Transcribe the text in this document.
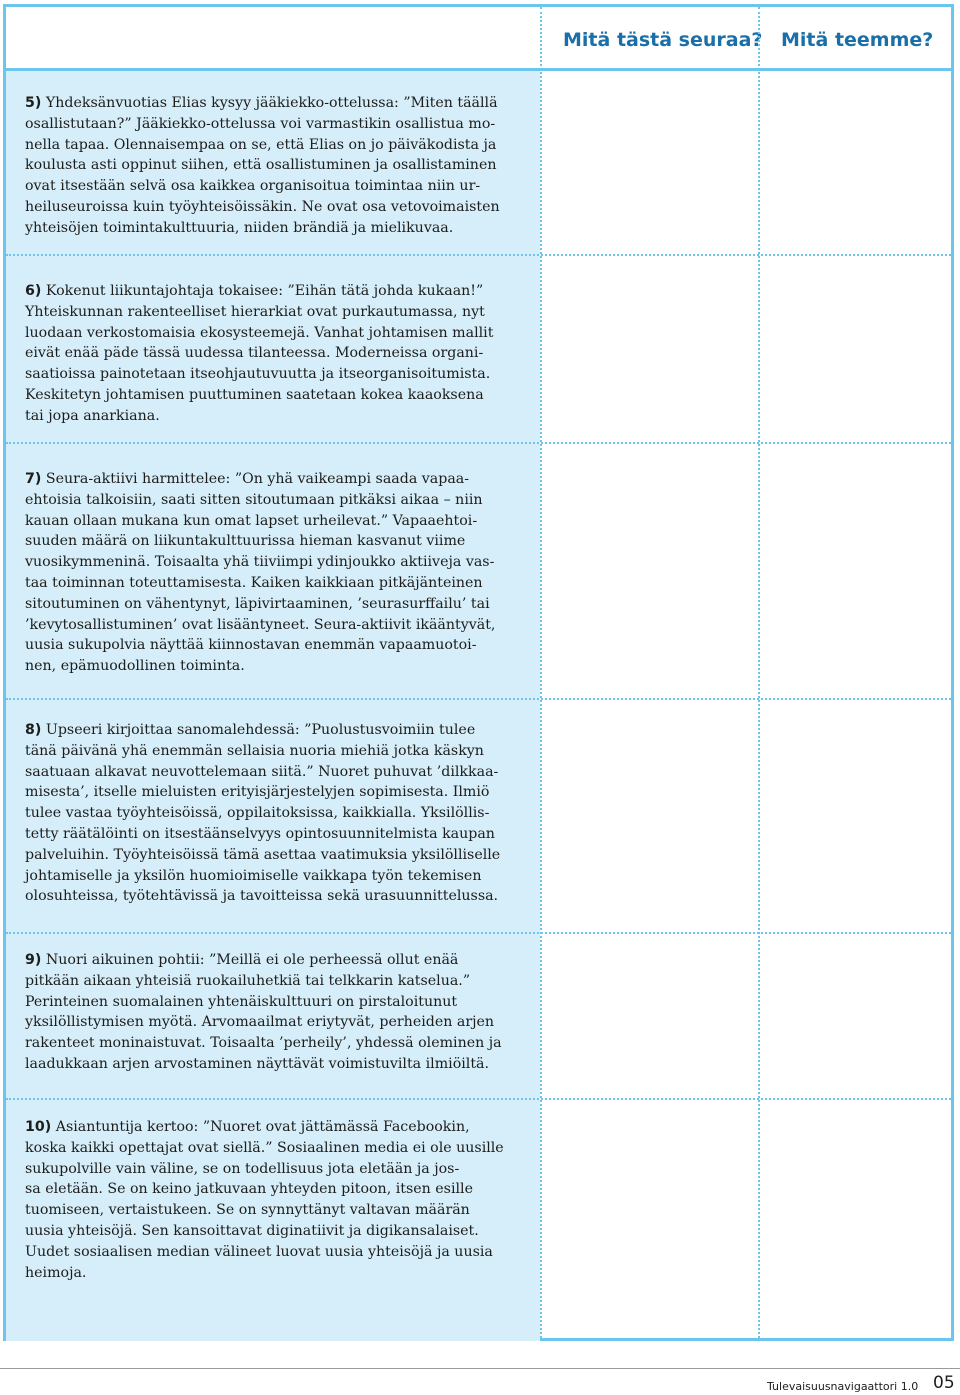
Mitä tästä seuraa? Mitä teemme?

5) Yhdeksänvuotias Elias kysyy jääkiekko-ottelussa: ”Miten täällä
osallistutaan?” Jääkiekko-ottelussa voi varmastikin osallistua mo-
nella tapaa. Olennaisempaa on se, että Elias on jo päiväkodista ja
koulusta asti oppinut siihen, että osallistuminen ja osallistaminen
ovat itsestään selvä osa kaikkea organisoitua toimintaa niin ur-
heiluseuroissa kuin työyhteisöissäkin. Ne ovat osa vetovoimaisten
yhteisöjen toimintakulttuuria, niiden brändiä ja mielikuvaa.

6) Kokenut liikuntajohtaja tokaisee: ”Eihän tätä johda kukaan!”
Yhteiskunnan rakenteelliset hierarkiat ovat purkautumassa, nyt
luodaan verkostomaisia ekosysteemejä. Vanhat johtamisen mallit
eivät enää päde tässä uudessa tilanteessa. Moderneissa organi-
saatioissa painotetaan itseohjautuvuutta ja itseorganisoitumista.
Keskitetyn johtamisen puuttuminen saatetaan kokea kaaoksena
tai jopa anarkiana.

7) Seura-aktiivi harmittelee: ”On yhä vaikeampi saada vapaa-
ehtoisia talkoisiin, saati sitten sitoutumaan pitkäksi aikaa – niin
kauan ollaan mukana kun omat lapset urheilevat.” Vapaaehtoi-
suuden määrä on liikuntakulttuurissa hieman kasvanut viime
vuosikymmeninä. Toisaalta yhä tiiviimpi ydinjoukko aktiiveja vas-
taa toiminnan toteuttamisesta. Kaiken kaikkiaan pitkäjänteinen
sitoutuminen on vähentynyt, läpivirtaaminen, ’seurasurffailu’ tai
’kevytosallistuminen’ ovat lisääntyneet. Seura-aktiivit ikääntyvät,
uusia sukupolvia näyttää kiinnostavan enemmän vapaamuotoi-
nen, epämuodollinen toiminta.

8) Upseeri kirjoittaa sanomalehdessä: ”Puolustusvoimiin tulee
tänä päivänä yhä enemmän sellaisia nuoria miehiä jotka käskyn
saatuaan alkavat neuvottelemaan siitä.” Nuoret puhuvat ’dilkkaa-
misesta’, itselle mieluisten erityisjärjestelyjen sopimisesta. Ilmiö
tulee vastaa työyhteisöissä, oppilaitoksissa, kaikkialla. Yksilöllis-
tetty räätälöinti on itsestäänselvyys opintosuunnitelmista kaupan
palveluihin. Työyhteisöissä tämä asettaa vaatimuksia yksilölliselle
johtamiselle ja yksilön huomioimiselle vaikkapa työn tekemisen
olosuhteissa, työtehtävissä ja tavoitteissa sekä urasuunnittelussa.

9) Nuori aikuinen pohtii: ”Meillä ei ole perheessä ollut enää
pitkään aikaan yhteisiä ruokailuhetkiä tai telkkarin katselua.”
Perinteinen suomalainen yhtenäiskulttuuri on pirstaloitunut
yksilöllistymisen myötä. Arvomaailmat eriytyvät, perheiden arjen
rakenteet moninaistuvat. Toisaalta ’perheily’, yhdessä oleminen ja
laadukkaan arjen arvostaminen näyttävät voimistuvilta ilmiöiltä.

10) Asiantuntija kertoo: ”Nuoret ovat jättämässä Facebookin,
koska kaikki opettajat ovat siellä.” Sosiaalinen media ei ole uusille
sukupolville vain väline, se on todellisuus jota eletään ja jos-
sa eletään. Se on keino jatkuvaan yhteyden pitoon, itsen esille
tuomiseen, vertaistukeen. Se on synnyttänyt valtavan määrän
uusia yhteisöjä. Sen kansoittavat diginatiivit ja digikansalaiset.
Uudet sosiaalisen median välineet luovat uusia yhteisöjä ja uusia
heimoja.

Tulevaisuusnavigaattori 1.0 05
